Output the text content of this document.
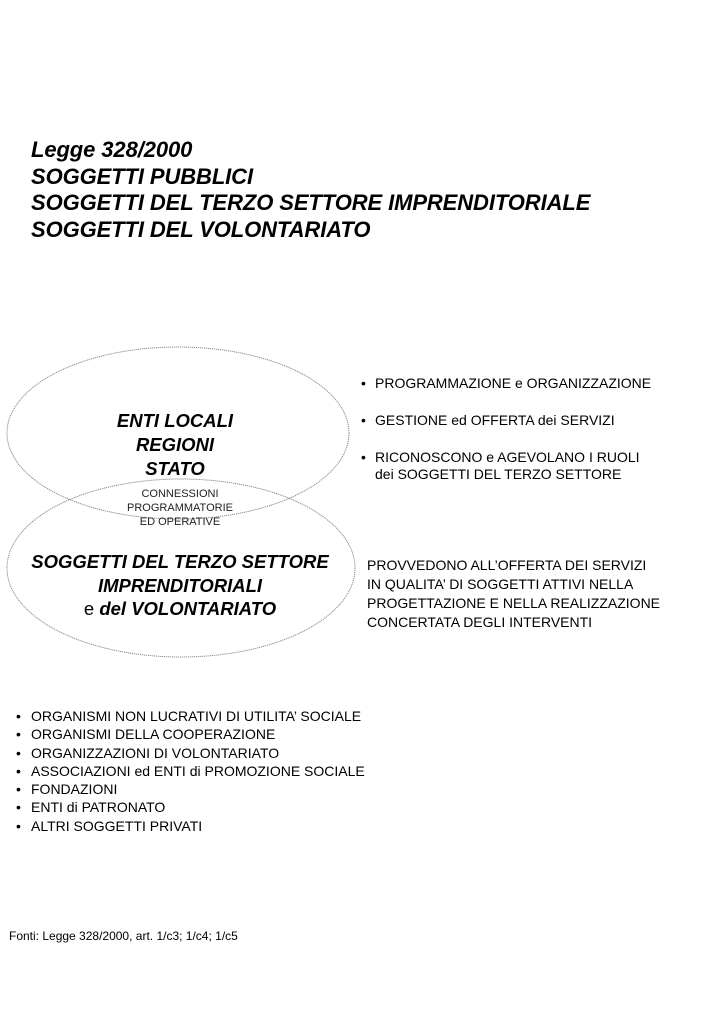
Legge 328/2000
SOGGETTI PUBBLICI
SOGGETTI DEL TERZO SETTORE IMPRENDITORIALE
SOGGETTI DEL VOLONTARIATO
ENTI LOCALI
REGIONI
STATO
CONNESSIONI
PROGRAMMATORIE
ED OPERATIVE
SOGGETTI DEL TERZO SETTORE
IMPRENDITORIALI
e del VOLONTARIATO
• PROGRAMMAZIONE e ORGANIZZAZIONE
• GESTIONE ed OFFERTA dei SERVIZI
• RICONOSCONO e AGEVOLANO I RUOLI
dei SOGGETTI DEL TERZO SETTORE
PROVVEDONO ALL’OFFERTA DEI SERVIZI
IN QUALITA’ DI SOGGETTI ATTIVI NELLA
PROGETTAZIONE E NELLA REALIZZAZIONE
CONCERTATA DEGLI INTERVENTI
• ORGANISMI NON LUCRATIVI DI UTILITA’ SOCIALE
• ORGANISMI DELLA COOPERAZIONE
• ORGANIZZAZIONI DI VOLONTARIATO
• ASSOCIAZIONI ed ENTI di PROMOZIONE SOCIALE
• FONDAZIONI
• ENTI di PATRONATO
• ALTRI SOGGETTI PRIVATI
Fonti: Legge 328/2000, art. 1/c3; 1/c4; 1/c5
